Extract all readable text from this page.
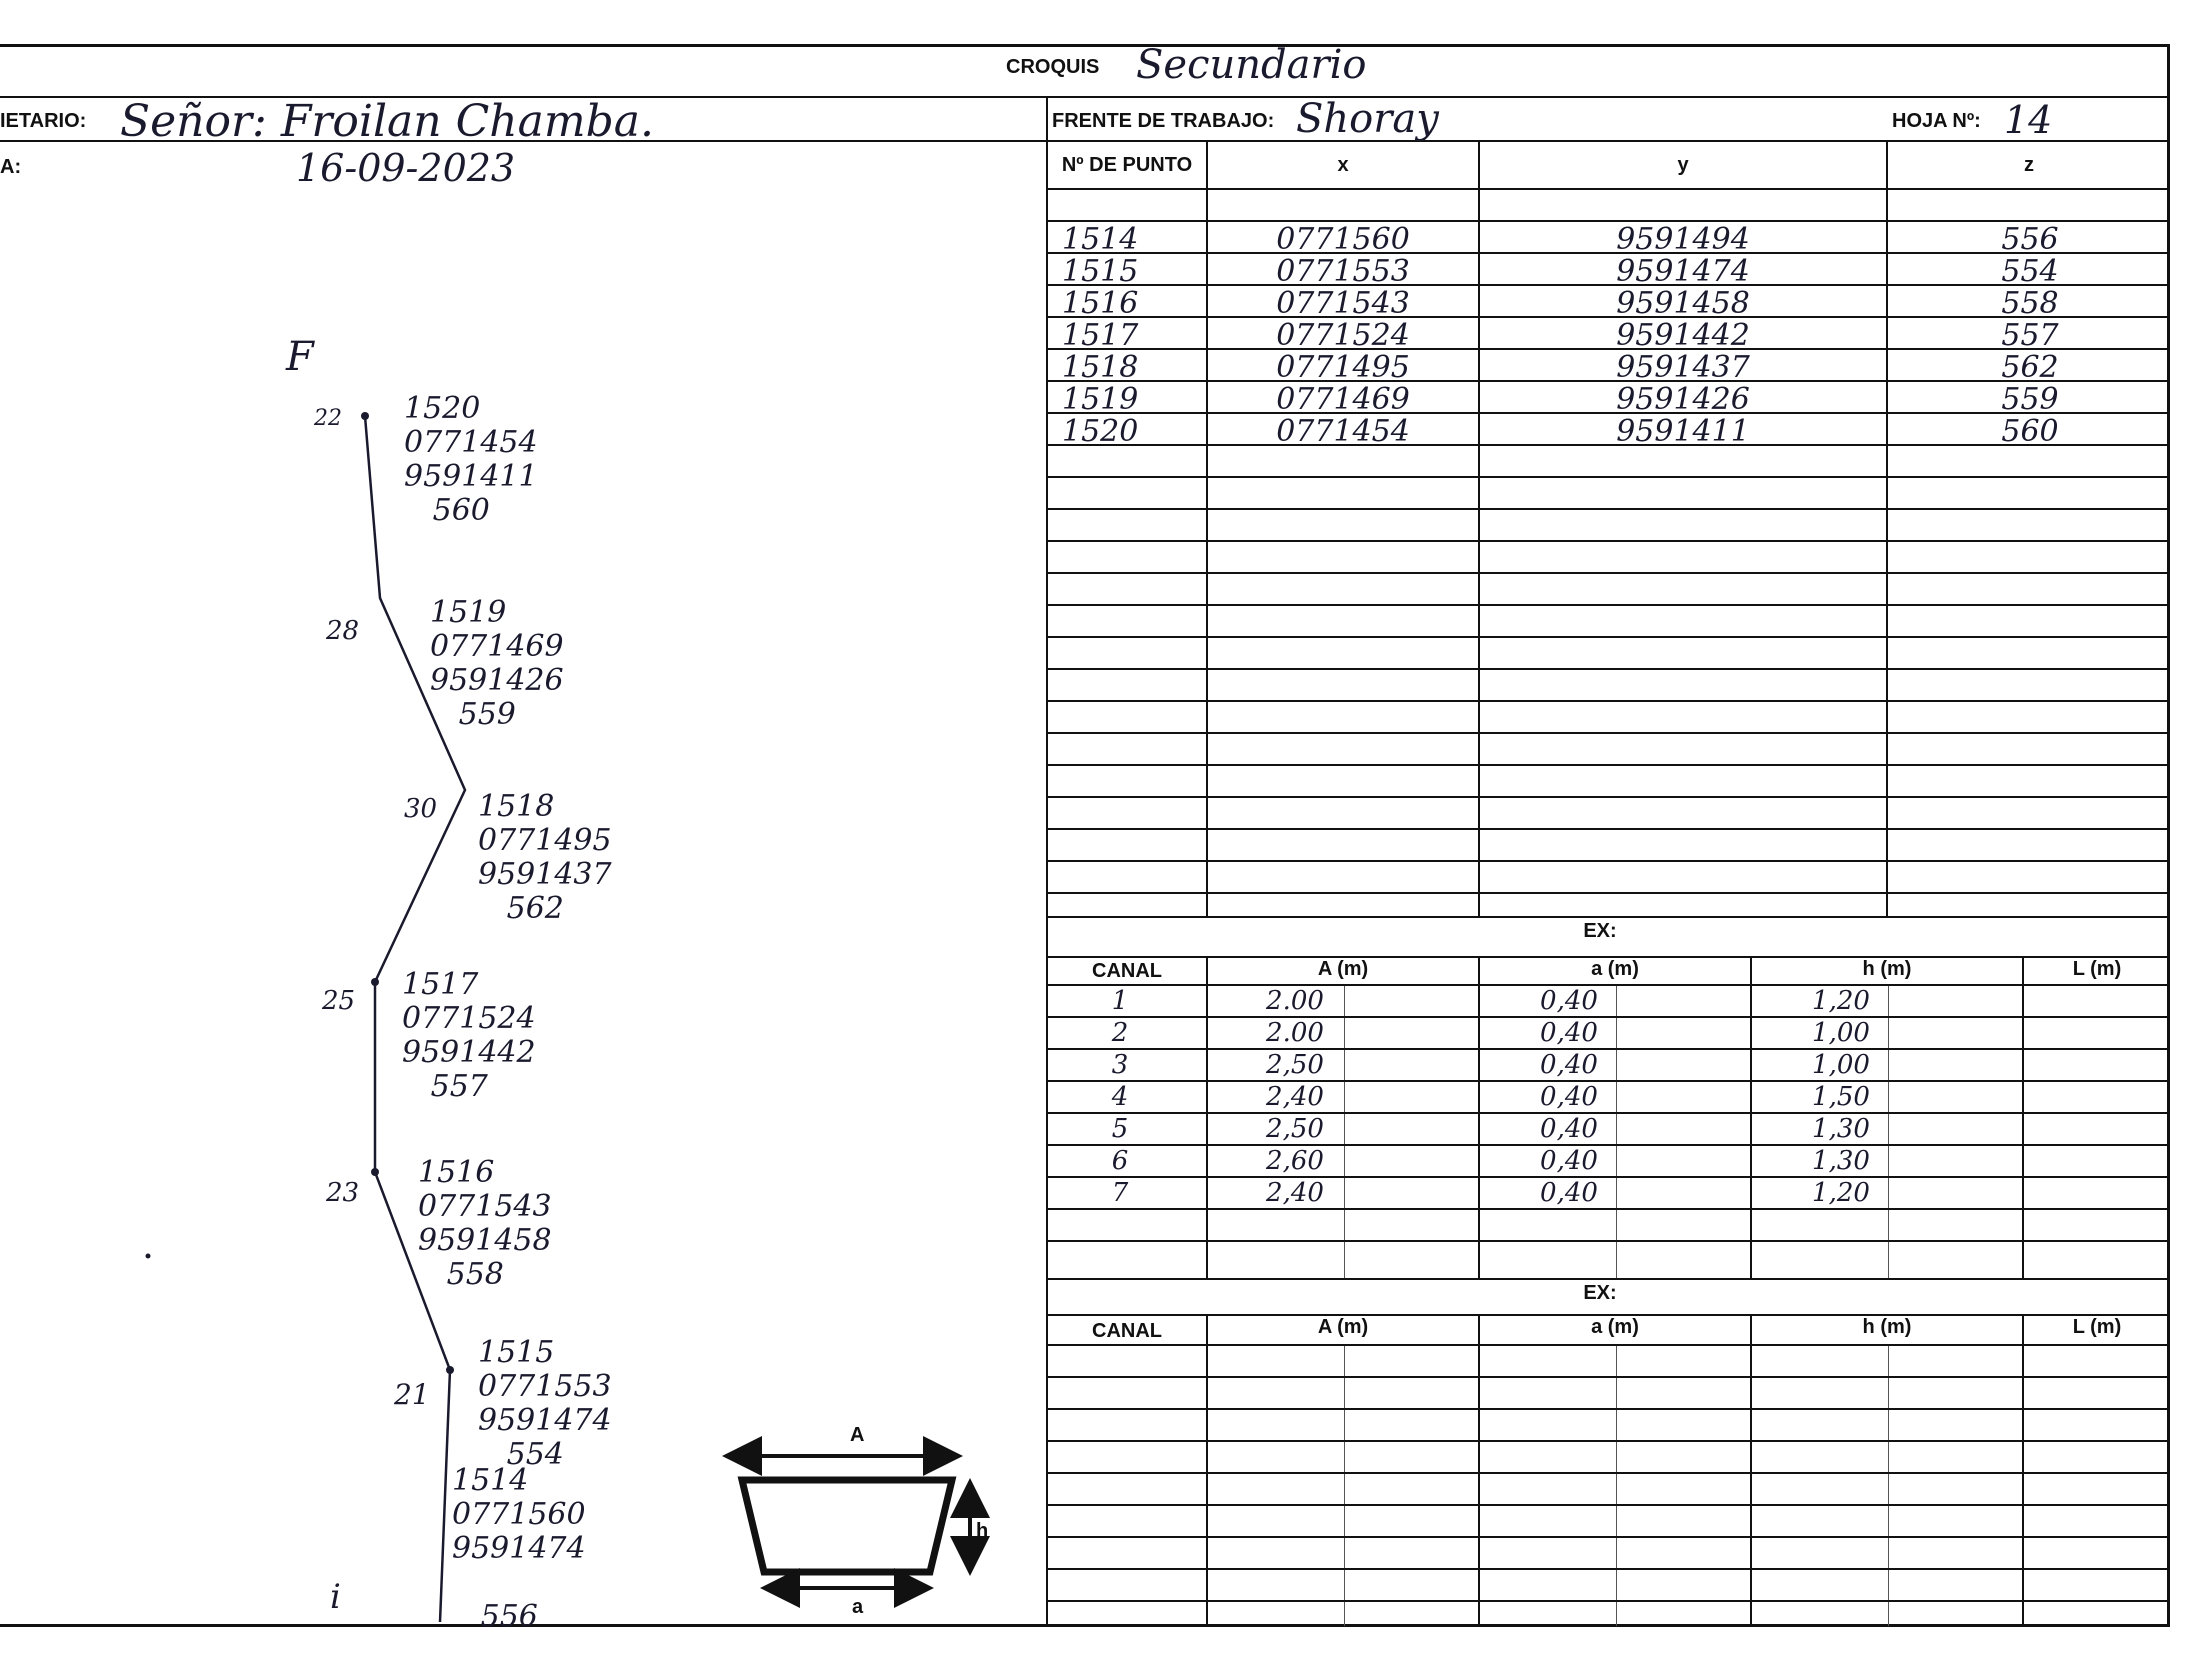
CROQUIS Secundario
IETARIO: Señor: Froilan Chamba.	FRENTE DE TRABAJO: Shoray	HOJA Nº: 14
A:	16-09-2023	Nº DE PUNTO	x	y	z
1514	0771560	9591494	556
1515	0771553	9591474	554
1516	0771543	9591458	558
1517	0771524	9591442	557
1518	0771495	9591437	562
1519	0771469	9591426	559
1520	0771454	9591411	560
EX:
CANAL	A (m)	a (m)	h (m)	L (m)
1	2.00	0,40	1,20
2	2.00	0,40	1,00
3	2,50	0,40	1,00
4	2,40	0,40	1,50
5	2,50	0,40	1,30
6	2,60	0,40	1,30
7	2,40	0,40	1,20
EX:
CANAL	A (m)	a (m)	h (m)	L (m)
F
i
22 1520
0771454
9591411
560
28
1519
0771469
9591426
559
30 1518
0771495
9591437
562
25 1517
0771524
9591442
557
23
1516
0771543
9591458
558
21
1515
0771553
9591474
554
1514
0771560
9591474

556
A
h
a
